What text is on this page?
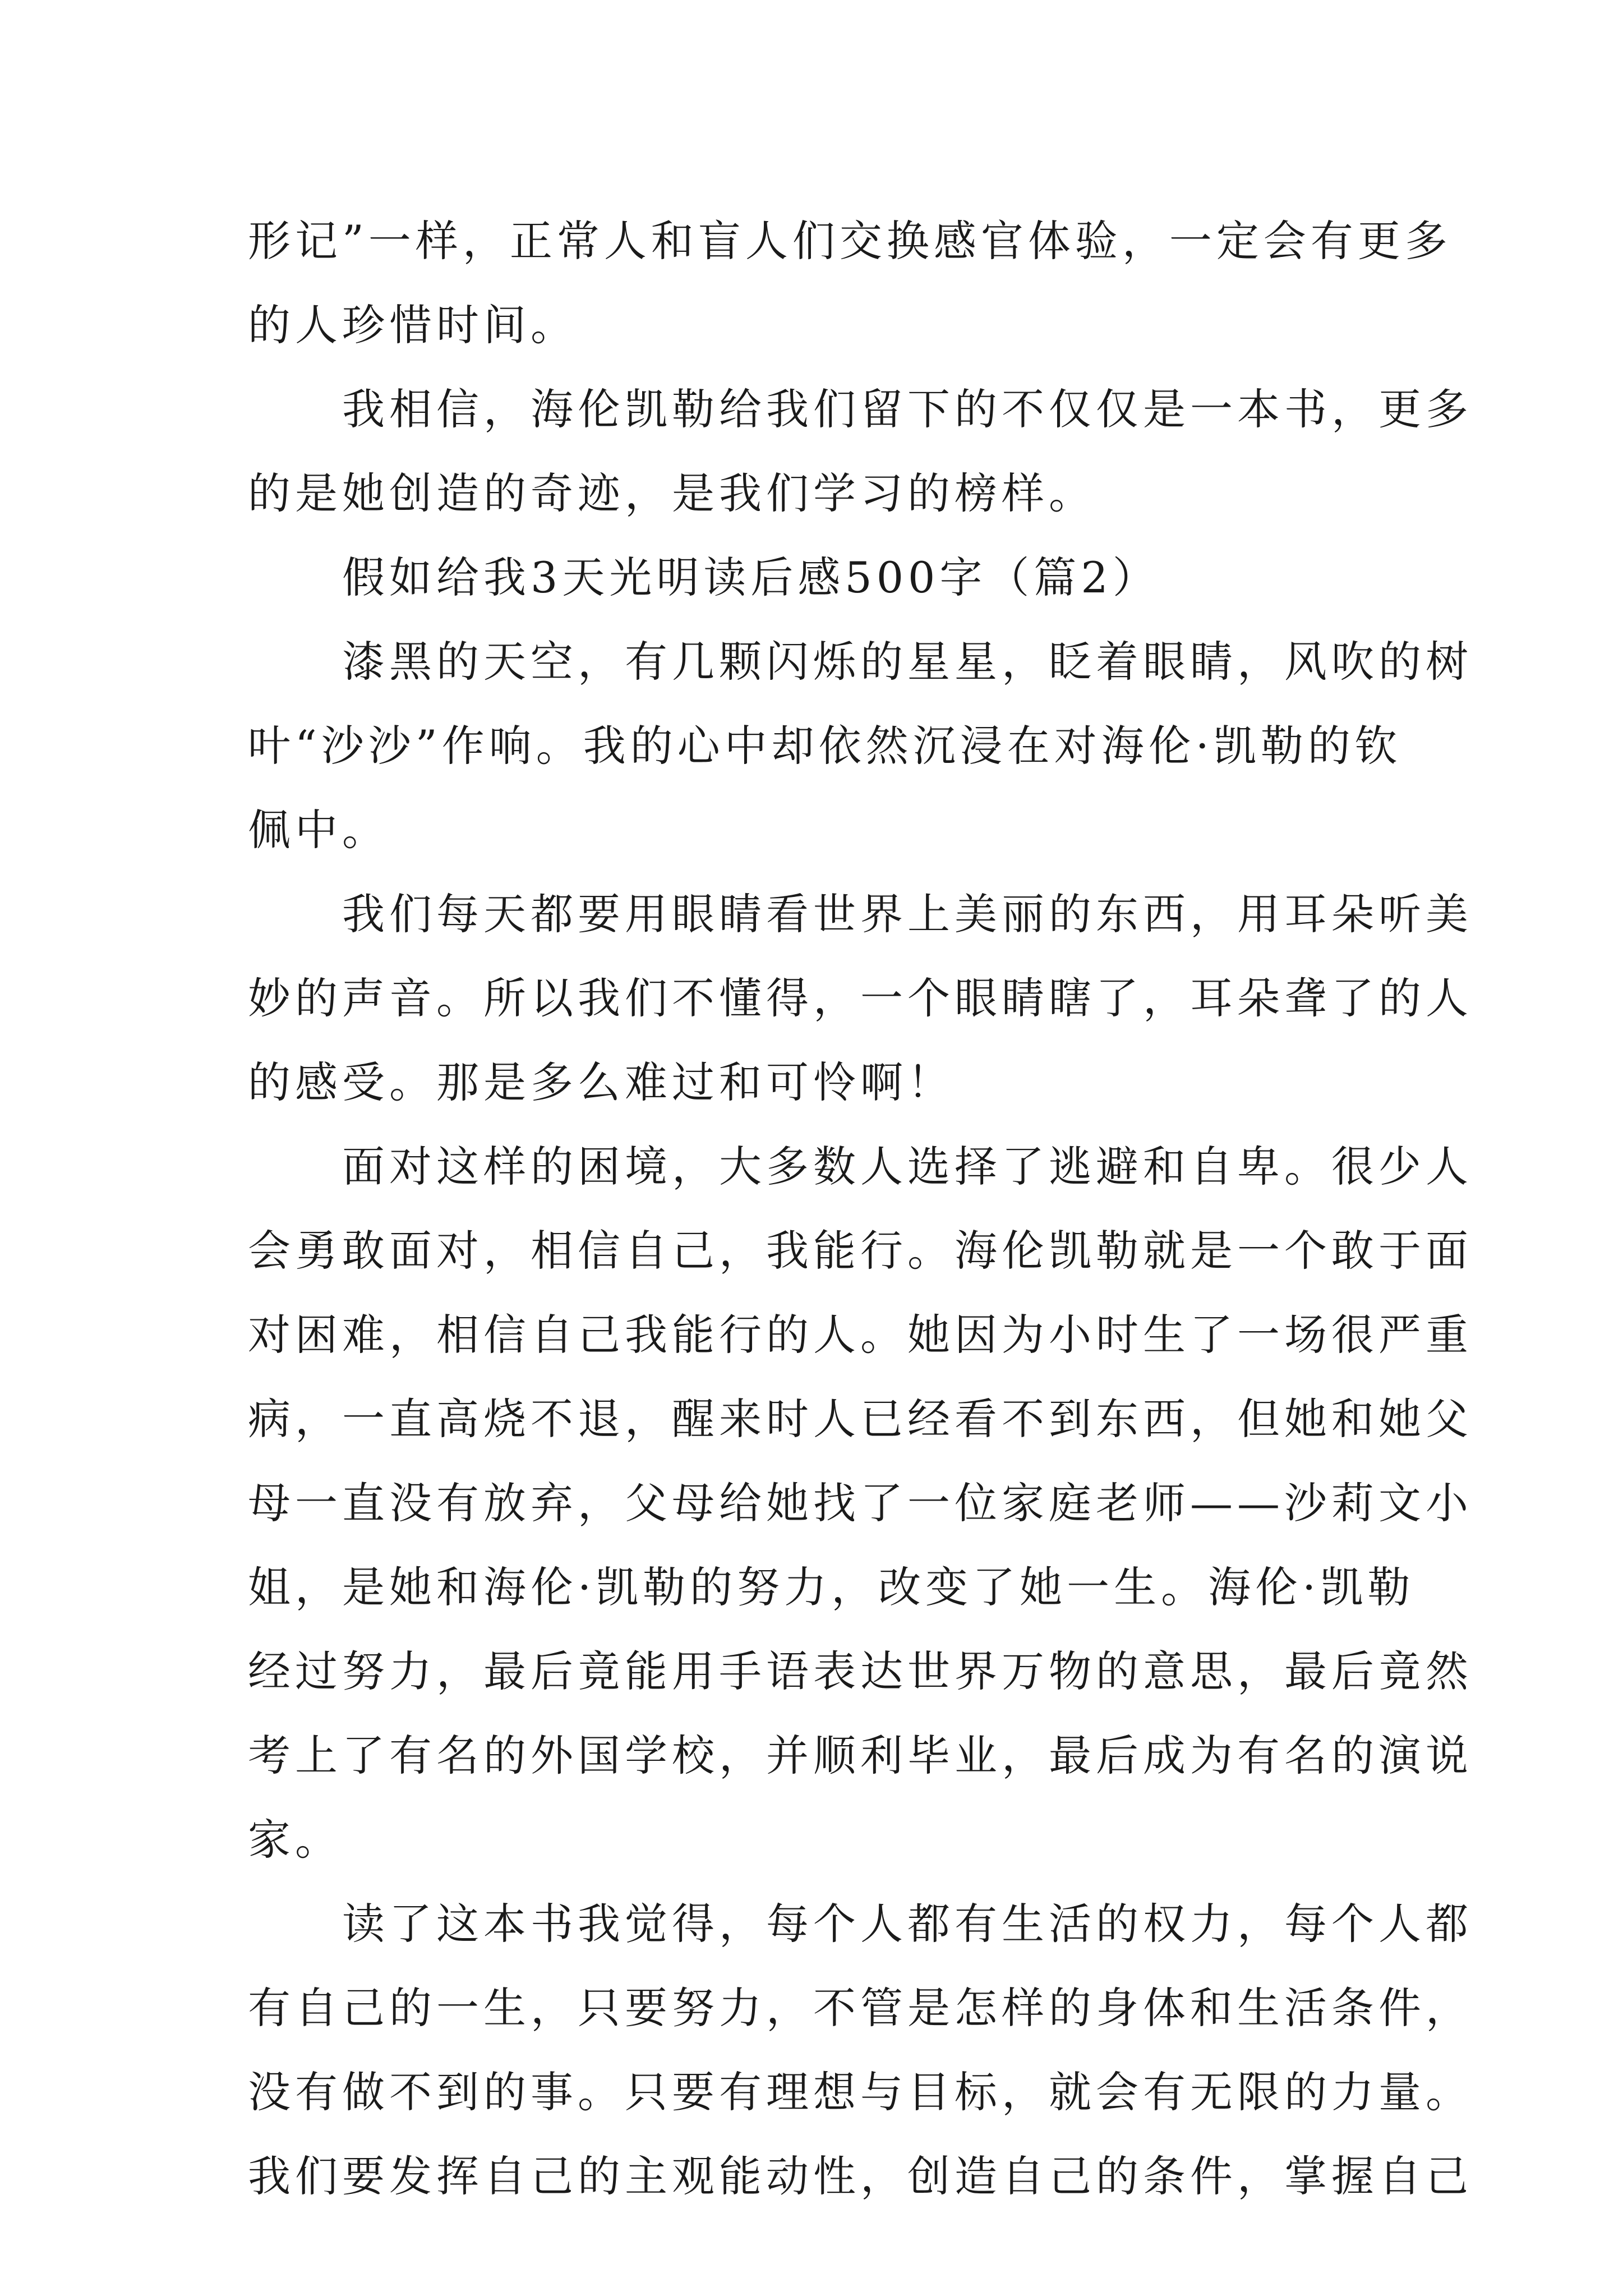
形记”一样，正常人和盲人们交换感官体验，一定会有更多
的人珍惜时间。
　　我相信，海伦凯勒给我们留下的不仅仅是一本书，更多
的是她创造的奇迹，是我们学习的榜样。
　　假如给我3天光明读后感500字（篇2）
　　漆黑的天空，有几颗闪烁的星星，眨着眼睛，风吹的树
叶“沙沙”作响。我的心中却依然沉浸在对海伦·凯勒的钦
佩中。
　　我们每天都要用眼睛看世界上美丽的东西，用耳朵听美
妙的声音。所以我们不懂得，一个眼睛瞎了，耳朵聋了的人
的感受。那是多么难过和可怜啊！
　　面对这样的困境，大多数人选择了逃避和自卑。很少人
会勇敢面对，相信自己，我能行。海伦凯勒就是一个敢于面
对困难，相信自己我能行的人。她因为小时生了一场很严重
病，一直高烧不退，醒来时人已经看不到东西，但她和她父
母一直没有放弃，父母给她找了一位家庭老师——沙莉文小
姐，是她和海伦·凯勒的努力，改变了她一生。海伦·凯勒
经过努力，最后竟能用手语表达世界万物的意思，最后竟然
考上了有名的外国学校，并顺利毕业，最后成为有名的演说
家。
　　读了这本书我觉得，每个人都有生活的权力，每个人都
有自己的一生，只要努力，不管是怎样的身体和生活条件，
没有做不到的事。只要有理想与目标，就会有无限的力量。
我们要发挥自己的主观能动性，创造自己的条件，掌握自己
